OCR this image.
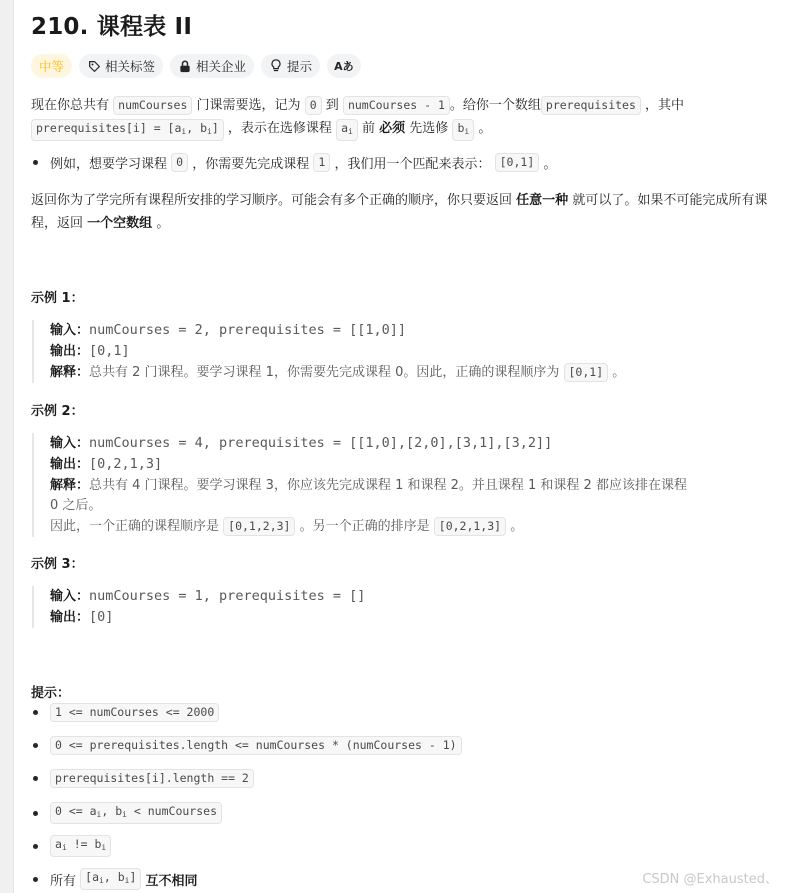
210. 课程表 II
中等	相关标签	相关企业	提示 Aあ
现在你总共有 numCourses 门课需要选，记为 0 到 numCourses - 1 。给你一个数组 prerequisites ，其中
prerequisites[i] = [$a_i$, $b_i$] ，表示在选修课程 $a_i$ 前 必须 先选修 $b_i$ 。
例如，想要学习课程
0
，你需要先完成课程
1
，我们用一个匹配来表示：
[0,1]
。
返回你为了学完所有课程所安排的学习顺序。可能会有多个正确的顺序，你只要返回 任意一种 就可以了。如果不可能完成所有课程，返回 一个空数组 。
示例 1：
输入：numCourses = 2, prerequisites = [[1,0]]
输出：[0,1]
解释：总共有 2 门课程。要学习课程 1，你需要先完成课程 0。因此，正确的课程顺序为 [0,1] 。
示例 2：
输入：numCourses = 4, prerequisites = [[1,0],[2,0],[3,1],[3,2]]
输出：[0,2,1,3]
解释：总共有 4 门课程。要学习课程 3，你应该先完成课程 1 和课程 2。并且课程 1 和课程 2 都应该排在课程
0 之后。
因此，一个正确的课程顺序是 [0,1,2,3] 。另一个正确的排序是 [0,2,1,3] 。
示例 3：
输入：numCourses = 1, prerequisites = []
输出：[0]
提示：
1 <= numCourses <= 2000
0 <= prerequisites.length <= numCourses * (numCourses - 1)
prerequisites[i].length == 2
$0 <= a_i$, $b_i$ < numCourses
$a_i$ != $b_i$
所有
[$a_i$, $b_i$]
互不相同	CSDN @Exhausted、
